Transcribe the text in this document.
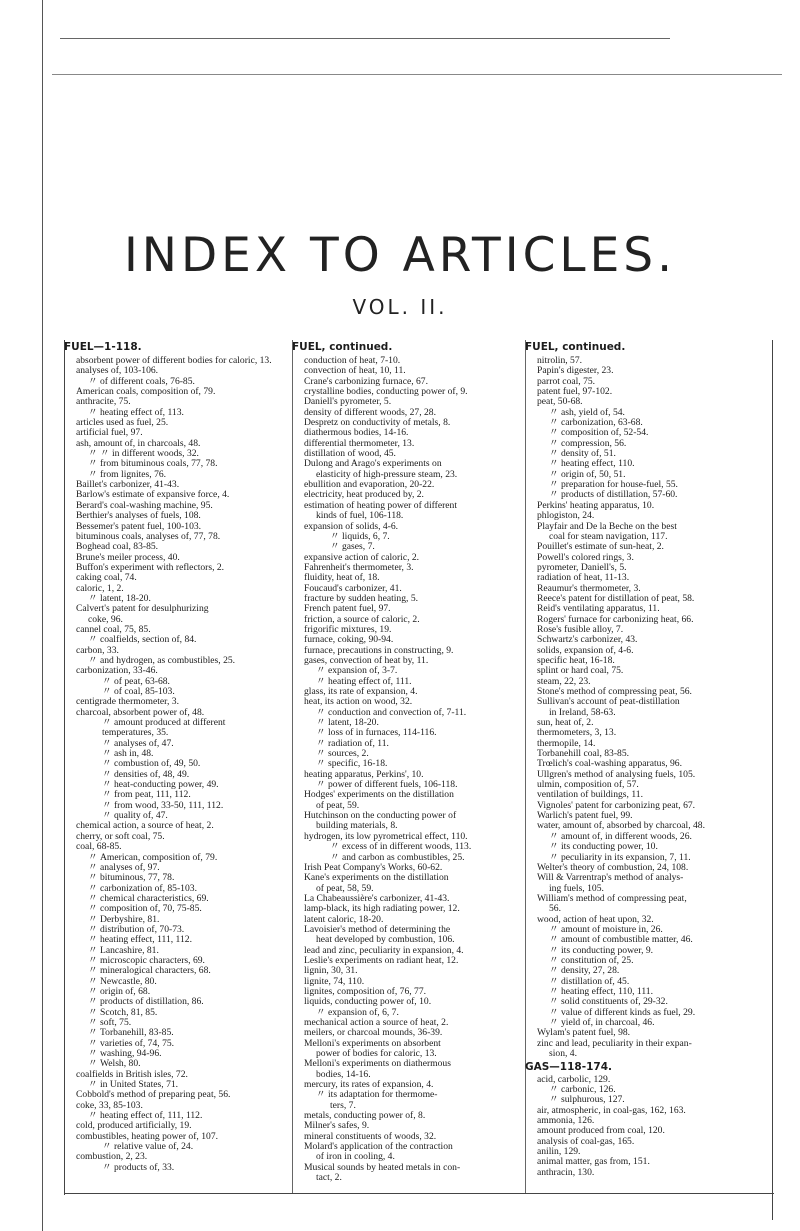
INDEX TO ARTICLES.
VOL. II.
FUEL—1-118.
absorbent power of different bodies for caloric, 13.
analyses of, 103-106.
〃 of different coals, 76-85.
American coals, composition of, 79.
anthracite, 75.
〃 heating effect of, 113.
articles used as fuel, 25.
artificial fuel, 97.
ash, amount of, in charcoals, 48.
〃 〃 in different woods, 32.
〃 from bituminous coals, 77, 78.
〃 from lignites, 76.
Baillet's carbonizer, 41-43.
Barlow's estimate of expansive force, 4.
Berard's coal-washing machine, 95.
Berthier's analyses of fuels, 108.
Bessemer's patent fuel, 100-103.
bituminous coals, analyses of, 77, 78.
Boghead coal, 83-85.
Brune's meiler process, 40.
Buffon's experiment with reflectors, 2.
caking coal, 74.
caloric, 1, 2.
〃 latent, 18-20.
Calvert's patent for desulphurizing
coke, 96.
cannel coal, 75, 85.
〃 coalfields, section of, 84.
carbon, 33.
〃 and hydrogen, as combustibles, 25.
carbonization, 33-46.
〃 of peat, 63-68.
〃 of coal, 85-103.
centigrade thermometer, 3.
charcoal, absorbent power of, 48.
〃 amount produced at different
temperatures, 35.
〃 analyses of, 47.
〃 ash in, 48.
〃 combustion of, 49, 50.
〃 densities of, 48, 49.
〃 heat-conducting power, 49.
〃 from peat, 111, 112.
〃 from wood, 33-50, 111, 112.
〃 quality of, 47.
chemical action, a source of heat, 2.
cherry, or soft coal, 75.
coal, 68-85.
〃 American, composition of, 79.
〃 analyses of, 97.
〃 bituminous, 77, 78.
〃 carbonization of, 85-103.
〃 chemical characteristics, 69.
〃 composition of, 70, 75-85.
〃 Derbyshire, 81.
〃 distribution of, 70-73.
〃 heating effect, 111, 112.
〃 Lancashire, 81.
〃 microscopic characters, 69.
〃 mineralogical characters, 68.
〃 Newcastle, 80.
〃 origin of, 68.
〃 products of distillation, 86.
〃 Scotch, 81, 85.
〃 soft, 75.
〃 Torbanehill, 83-85.
〃 varieties of, 74, 75.
〃 washing, 94-96.
〃 Welsh, 80.
coalfields in British isles, 72.
〃 in United States, 71.
Cobbold's method of preparing peat, 56.
coke, 33, 85-103.
〃 heating effect of, 111, 112.
cold, produced artificially, 19.
combustibles, heating power of, 107.
〃 relative value of, 24.
combustion, 2, 23.
〃 products of, 33.
FUEL, continued.
conduction of heat, 7-10.
convection of heat, 10, 11.
Crane's carbonizing furnace, 67.
crystalline bodies, conducting power of, 9.
Daniell's pyrometer, 5.
density of different woods, 27, 28.
Despretz on conductivity of metals, 8.
diathermous bodies, 14-16.
differential thermometer, 13.
distillation of wood, 45.
Dulong and Arago's experiments on
elasticity of high-pressure steam, 23.
ebullition and evaporation, 20-22.
electricity, heat produced by, 2.
estimation of heating power of different
kinds of fuel, 106-118.
expansion of solids, 4-6.
〃 liquids, 6, 7.
〃 gases, 7.
expansive action of caloric, 2.
Fahrenheit's thermometer, 3.
fluidity, heat of, 18.
Foucaud's carbonizer, 41.
fracture by sudden heating, 5.
French patent fuel, 97.
friction, a source of caloric, 2.
frigorific mixtures, 19.
furnace, coking, 90-94.
furnace, precautions in constructing, 9.
gases, convection of heat by, 11.
〃 expansion of, 3-7.
〃 heating effect of, 111.
glass, its rate of expansion, 4.
heat, its action on wood, 32.
〃 conduction and convection of, 7-11.
〃 latent, 18-20.
〃 loss of in furnaces, 114-116.
〃 radiation of, 11.
〃 sources, 2.
〃 specific, 16-18.
heating apparatus, Perkins', 10.
〃 power of different fuels, 106-118.
Hodges' experiments on the distillation
of peat, 59.
Hutchinson on the conducting power of
building materials, 8.
hydrogen, its low pyrometrical effect, 110.
〃 excess of in different woods, 113.
〃 and carbon as combustibles, 25.
Irish Peat Company's Works, 60-62.
Kane's experiments on the distillation
of peat, 58, 59.
La Chabeaussière's carbonizer, 41-43.
lamp-black, its high radiating power, 12.
latent caloric, 18-20.
Lavoisier's method of determining the
heat developed by combustion, 106.
lead and zinc, peculiarity in expansion, 4.
Leslie's experiments on radiant heat, 12.
lignin, 30, 31.
lignite, 74, 110.
lignites, composition of, 76, 77.
liquids, conducting power of, 10.
〃 expansion of, 6, 7.
mechanical action a source of heat, 2.
meilers, or charcoal mounds, 36-39.
Melloni's experiments on absorbent
power of bodies for caloric, 13.
Melloni's experiments on diathermous
bodies, 14-16.
mercury, its rates of expansion, 4.
〃 its adaptation for thermome-
ters, 7.
metals, conducting power of, 8.
Milner's safes, 9.
mineral constituents of woods, 32.
Molard's application of the contraction
of iron in cooling, 4.
Musical sounds by heated metals in con-
tact, 2.
FUEL, continued.
nitrolin, 57.
Papin's digester, 23.
parrot coal, 75.
patent fuel, 97-102.
peat, 50-68.
〃 ash, yield of, 54.
〃 carbonization, 63-68.
〃 composition of, 52-54.
〃 compression, 56.
〃 density of, 51.
〃 heating effect, 110.
〃 origin of, 50, 51.
〃 preparation for house-fuel, 55.
〃 products of distillation, 57-60.
Perkins' heating apparatus, 10.
phlogiston, 24.
Playfair and De la Beche on the best
coal for steam navigation, 117.
Pouillet's estimate of sun-heat, 2.
Powell's colored rings, 3.
pyrometer, Daniell's, 5.
radiation of heat, 11-13.
Reaumur's thermometer, 3.
Reece's patent for distillation of peat, 58.
Reid's ventilating apparatus, 11.
Rogers' furnace for carbonizing heat, 66.
Rose's fusible alloy, 7.
Schwartz's carbonizer, 43.
solids, expansion of, 4-6.
specific heat, 16-18.
splint or hard coal, 75.
steam, 22, 23.
Stone's method of compressing peat, 56.
Sullivan's account of peat-distillation
in Ireland, 58-63.
sun, heat of, 2.
thermometers, 3, 13.
thermopile, 14.
Torbanehill coal, 83-85.
Trœlich's coal-washing apparatus, 96.
Ullgren's method of analysing fuels, 105.
ulmin, composition of, 57.
ventilation of buildings, 11.
Vignoles' patent for carbonizing peat, 67.
Warlich's patent fuel, 99.
water, amount of, absorbed by charcoal, 48.
〃 amount of, in different woods, 26.
〃 its conducting power, 10.
〃 peculiarity in its expansion, 7, 11.
Welter's theory of combustion, 24, 108.
Will & Varrentrap's method of analys-
ing fuels, 105.
William's method of compressing peat,
56.
wood, action of heat upon, 32.
〃 amount of moisture in, 26.
〃 amount of combustible matter, 46.
〃 its conducting power, 9.
〃 constitution of, 25.
〃 density, 27, 28.
〃 distillation of, 45.
〃 heating effect, 110, 111.
〃 solid constituents of, 29-32.
〃 value of different kinds as fuel, 29.
〃 yield of, in charcoal, 46.
Wylam's patent fuel, 98.
zinc and lead, peculiarity in their expan-
sion, 4.
GAS—118-174.
acid, carbolic, 129.
〃 carbonic, 126.
〃 sulphurous, 127.
air, atmospheric, in coal-gas, 162, 163.
ammonia, 126.
amount produced from coal, 120.
analysis of coal-gas, 165.
anilin, 129.
animal matter, gas from, 151.
anthracin, 130.
